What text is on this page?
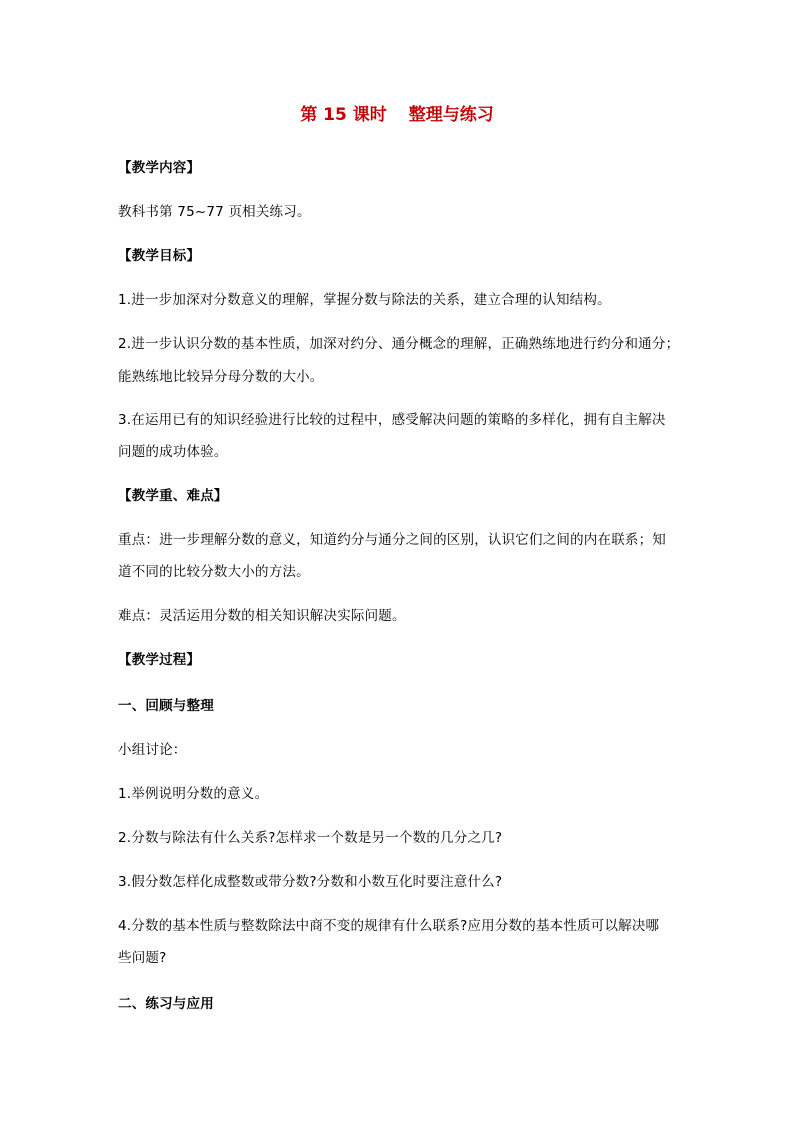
第 15 课时 整理与练习
【教学内容】
教科书第 75~77 页相关练习。
【教学目标】
1.进一步加深对分数意义的理解，掌握分数与除法的关系，建立合理的认知结构。
2.进一步认识分数的基本性质，加深对约分、通分概念的理解，正确熟练地进行约分和通分；
能熟练地比较异分母分数的大小。
3.在运用已有的知识经验进行比较的过程中，感受解决问题的策略的多样化，拥有自主解决
问题的成功体验。
【教学重、难点】
重点：进一步理解分数的意义，知道约分与通分之间的区别，认识它们之间的内在联系；知
道不同的比较分数大小的方法。
难点：灵活运用分数的相关知识解决实际问题。
【教学过程】
一、回顾与整理
小组讨论：
1.举例说明分数的意义。
2.分数与除法有什么关系?怎样求一个数是另一个数的几分之几?
3.假分数怎样化成整数或带分数?分数和小数互化时要注意什么?
4.分数的基本性质与整数除法中商不变的规律有什么联系?应用分数的基本性质可以解决哪
些问题?
二、练习与应用
